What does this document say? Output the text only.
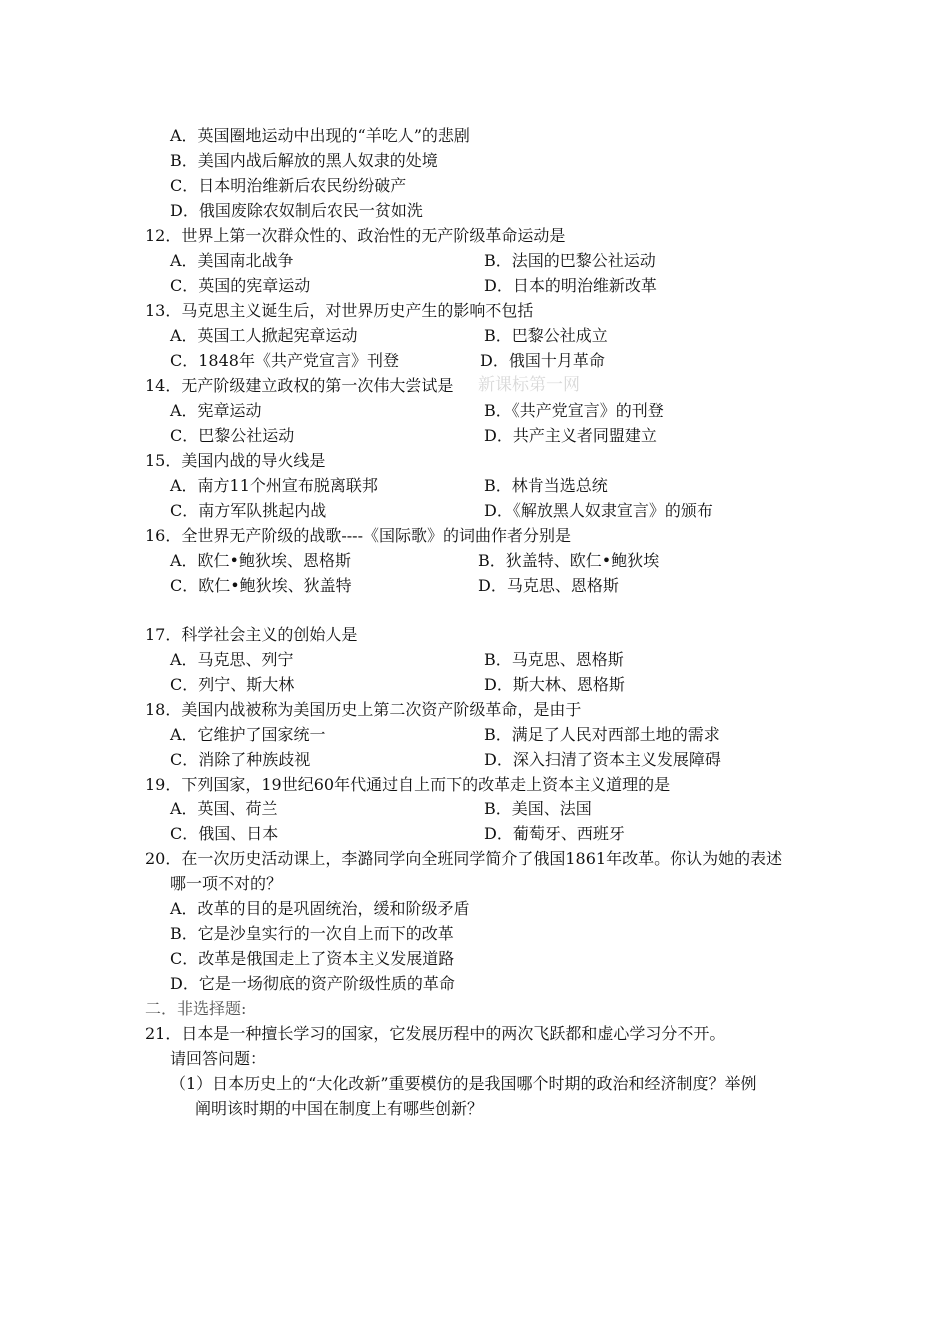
A．英国圈地运动中出现的“羊吃人”的悲剧
B．美国内战后解放的黑人奴隶的处境
C．日本明治维新后农民纷纷破产
D．俄国废除农奴制后农民一贫如洗
12．世界上第一次群众性的、政治性的无产阶级革命运动是
A．美国南北战争	B．法国的巴黎公社运动
C．英国的宪章运动	D．日本的明治维新改革
13．马克思主义诞生后，对世界历史产生的影响不包括
A．英国工人掀起宪章运动	B．巴黎公社成立
C．1848年《共产党宣言》刊登	D．俄国十月革命
新课标第一网
14．无产阶级建立政权的第一次伟大尝试是
A．宪章运动	B．《共产党宣言》的刊登
C．巴黎公社运动	D．共产主义者同盟建立
15．美国内战的导火线是
A．南方11个州宣布脱离联邦	B．林肯当选总统
C．南方军队挑起内战	D．《解放黑人奴隶宣言》的颁布
16．全世界无产阶级的战歌----《国际歌》的词曲作者分别是
A．欧仁•鲍狄埃、恩格斯	B．狄盖特、欧仁•鲍狄埃
C．欧仁•鲍狄埃、狄盖特	D．马克思、恩格斯
17．科学社会主义的创始人是
A．马克思、列宁	B．马克思、恩格斯
C．列宁、斯大林	D．斯大林、恩格斯
18．美国内战被称为美国历史上第二次资产阶级革命，是由于
A．它维护了国家统一	B．满足了人民对西部土地的需求
C．消除了种族歧视	D．深入扫清了资本主义发展障碍
19．下列国家，19世纪60年代通过自上而下的改革走上资本主义道理的是
A．英国、荷兰	B．美国、法国
C．俄国、日本	D．葡萄牙、西班牙
20．在一次历史活动课上，李潞同学向全班同学简介了俄国1861年改革。你认为她的表述
哪一项不对的？
A．改革的目的是巩固统治，缓和阶级矛盾
B．它是沙皇实行的一次自上而下的改革
C．改革是俄国走上了资本主义发展道路
D．它是一场彻底的资产阶级性质的革命
二．非选择题:
21．日本是一种擅长学习的国家，它发展历程中的两次飞跃都和虚心学习分不开。
请回答问题：
（1）日本历史上的“大化改新”重要模仿的是我国哪个时期的政治和经济制度？举例
阐明该时期的中国在制度上有哪些创新？
